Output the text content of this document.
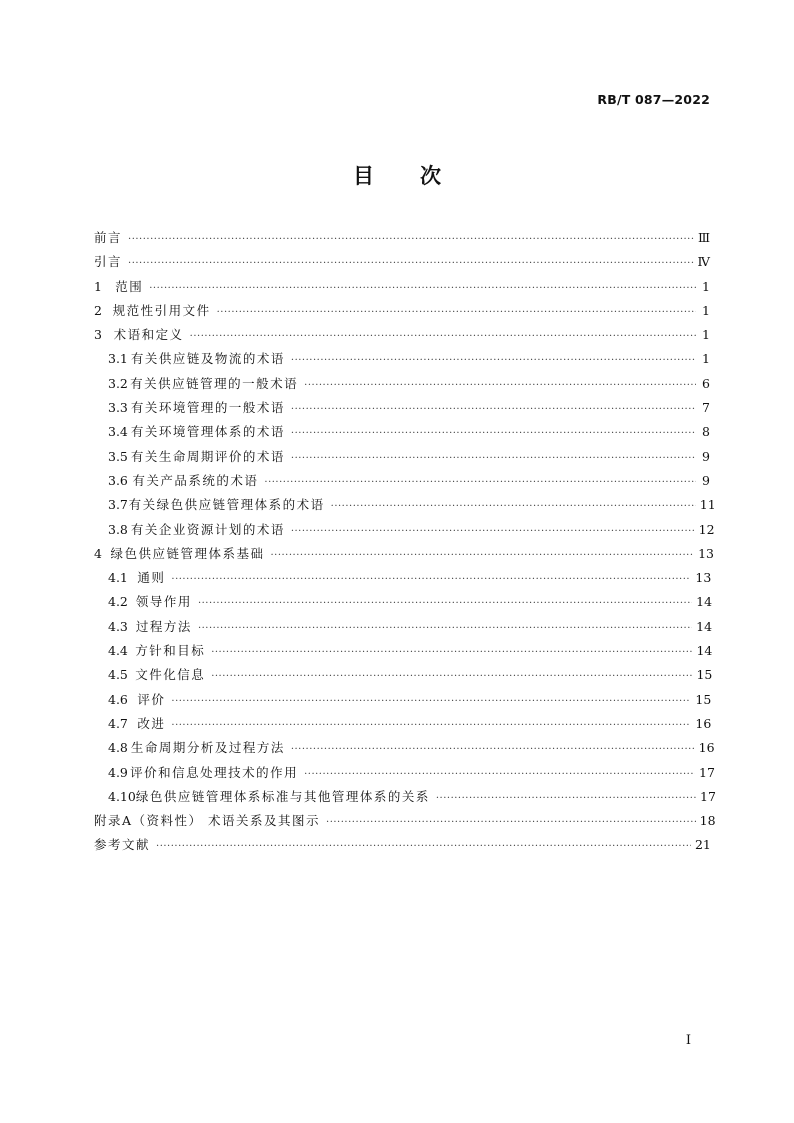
RB/T 087—2022
目 次
前言 ·····	Ⅲ
引言 ·····	Ⅳ
1	范围 ·····	1
2 规范性引用文件 ·····	1
3 术语和定义 ·····	1
3.1 有关供应链及物流的术语 ·····	1
3.2 有关供应链管理的一般术语 ·····	6
3.3 有关环境管理的一般术语 ·····	7
3.4 有关环境管理体系的术语 ·····	8
3.5 有关生命周期评价的术语 ·····	9
3.6 有关产品系统的术语 ·····	9
3.7 有关绿色供应链管理体系的术语 ·····	11
3.8 有关企业资源计划的术语 ·····	12
4 绿色供应链管理体系基础 ·····	13
4.1 通则 ·····	13
4.2 领导作用 ·····	14
4.3 过程方法 ·····	14
4.4 方针和目标 ·····	14
4.5 文件化信息 ·····	15
4.6 评价 ·····	15
4.7 改进 ·····	16
4.8 生命周期分析及过程方法 ·····	16
4.9 评价和信息处理技术的作用 ·····	17
4.10 绿色供应链管理体系标准与其他管理体系的关系 ·····	17
附录A（资料性） 术语关系及其图示 ·····	18
参考文献 ·····	21
I
